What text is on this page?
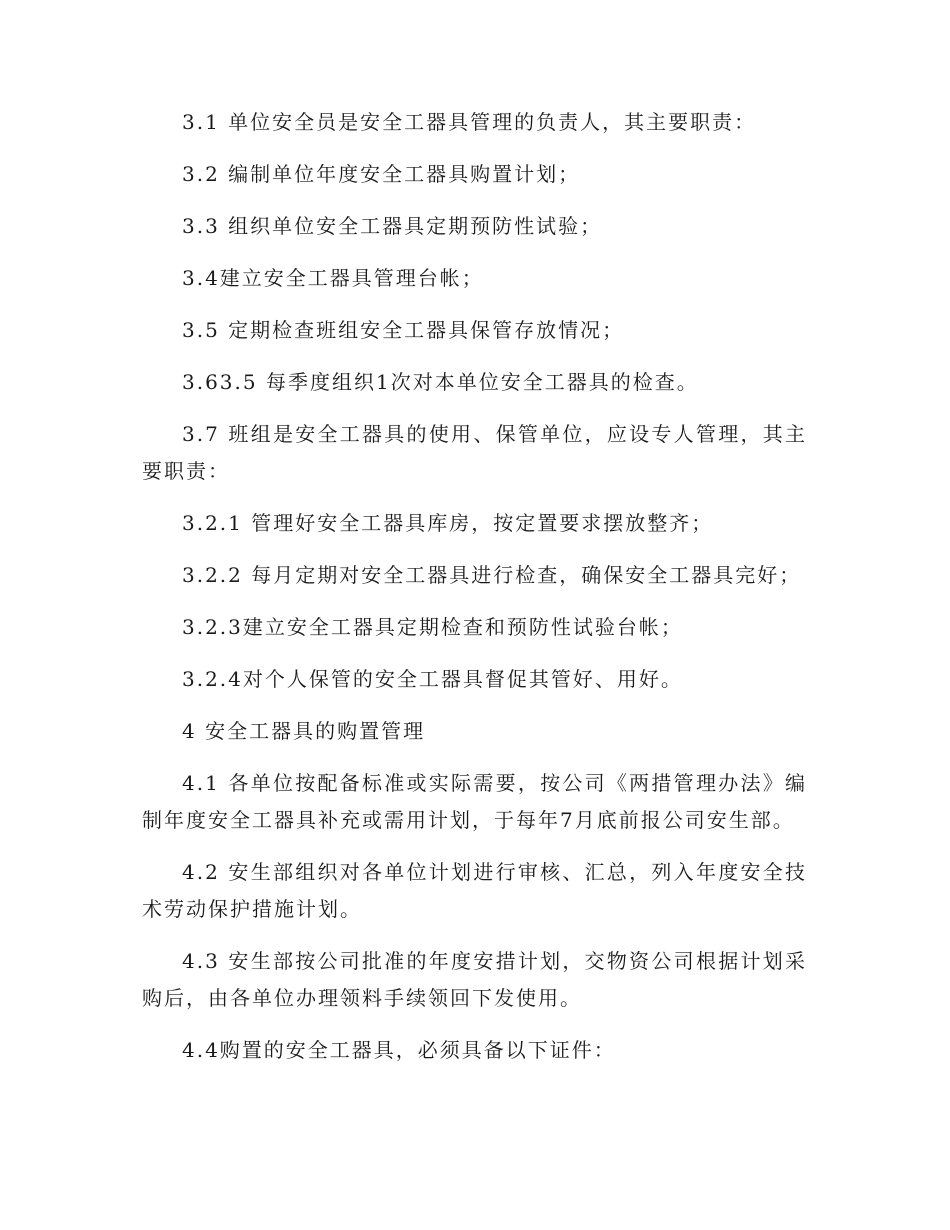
3.1 单位安全员是安全工器具管理的负责人，其主要职责：

3.2 编制单位年度安全工器具购置计划；

3.3 组织单位安全工器具定期预防性试验；

3.4建立安全工器具管理台帐；

3.5 定期检查班组安全工器具保管存放情况；

3.63.5 每季度组织1次对本单位安全工器具的检查。

3.7 班组是安全工器具的使用、保管单位，应设专人管理，其主要职责：

3.2.1 管理好安全工器具库房，按定置要求摆放整齐；

3.2.2 每月定期对安全工器具进行检查，确保安全工器具完好；

3.2.3建立安全工器具定期检查和预防性试验台帐；

3.2.4对个人保管的安全工器具督促其管好、用好。

4 安全工器具的购置管理

4.1 各单位按配备标准或实际需要，按公司《两措管理办法》编制年度安全工器具补充或需用计划，于每年7月底前报公司安生部。

4.2 安生部组织对各单位计划进行审核、汇总，列入年度安全技术劳动保护措施计划。

4.3 安生部按公司批准的年度安措计划，交物资公司根据计划采购后，由各单位办理领料手续领回下发使用。

4.4购置的安全工器具，必须具备以下证件：
